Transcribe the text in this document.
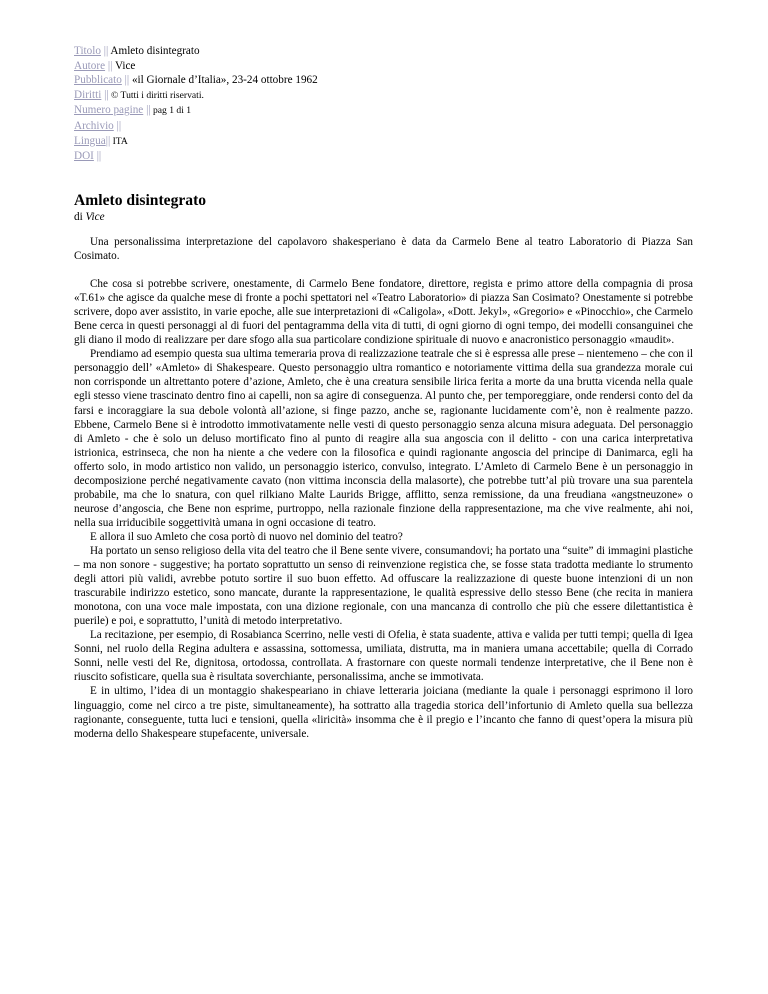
Titolo || Amleto disintegrato
Autore || Vice
Pubblicato || «il Giornale d’Italia», 23-24 ottobre 1962
Diritti || © Tutti i diritti riservati.
Numero pagine || pag 1 di 1
Archivio ||
Lingua|| ITA
DOI ||
Amleto disintegrato
di Vice

Una personalissima interpretazione del capolavoro shakesperiano è data da Carmelo Bene al teatro Laboratorio di Piazza San Cosimato.

Che cosa si potrebbe scrivere, onestamente, di Carmelo Bene fondatore, direttore, regista e primo attore della compagnia di prosa «T.61» che agisce da qualche mese di fronte a pochi spettatori nel «Teatro Laboratorio» di piazza San Cosimato? Onestamente si potrebbe scrivere, dopo aver assistito, in varie epoche, alle sue interpretazioni di «Caligola», «Dott. Jekyl», «Gregorio» e «Pinocchio», che Carmelo Bene cerca in questi personaggi al di fuori del pentagramma della vita di tutti, di ogni giorno di ogni tempo, dei modelli consanguinei che gli diano il modo di realizzare per dare sfogo alla sua particolare condizione spirituale di nuovo e anacronistico personaggio «maudit».

Prendiamo ad esempio questa sua ultima temeraria prova di realizzazione teatrale che si è espressa alle prese – nientemeno – che con il personaggio dell’ «Amleto» di Shakespeare. Questo personaggio ultra romantico e notoriamente vittima della sua grandezza morale cui non corrisponde un altrettanto potere d’azione, Amleto, che è una creatura sensibile lirica ferita a morte da una brutta vicenda nella quale egli stesso viene trascinato dentro fino ai capelli, non sa agire di conseguenza. Al punto che, per temporeggiare, onde rendersi conto del da farsi e incoraggiare la sua debole volontà all’azione, si finge pazzo, anche se, ragionante lucidamente com’è, non è realmente pazzo. Ebbene, Carmelo Bene si è introdotto immotivatamente nelle vesti di questo personaggio senza alcuna misura adeguata. Del personaggio di Amleto - che è solo un deluso mortificato fino al punto di reagire alla sua angoscia con il delitto - con una carica interpretativa istrionica, estrinseca, che non ha niente a che vedere con la filosofica e quindi ragionante angoscia del principe di Danimarca, egli ha offerto solo, in modo artistico non valido, un personaggio isterico, convulso, integrato. L’Amleto di Carmelo Bene è un personaggio in decomposizione perché negativamente cavato (non vittima inconscia della malasorte), che potrebbe tutt’al più trovare una sua parentela probabile, ma che lo snatura, con quel rilkiano Malte Laurids Brigge, afflitto, senza remissione, da una freudiana «angstneuzone» o neurose d’angoscia, che Bene non esprime, purtroppo, nella razionale finzione della rappresentazione, ma che vive realmente, ahi noi, nella sua irriducibile soggettività umana in ogni occasione di teatro.

E allora il suo Amleto che cosa portò di nuovo nel dominio del teatro?

Ha portato un senso religioso della vita del teatro che il Bene sente vivere, consumandovi; ha portato una “suite” di immagini plastiche – ma non sonore - suggestive; ha portato soprattutto un senso di reinvenzione registica che, se fosse stata tradotta mediante lo strumento degli attori più validi, avrebbe potuto sortire il suo buon effetto. Ad offuscare la realizzazione di queste buone intenzioni di un non trascurabile indirizzo estetico, sono mancate, durante la rappresentazione, le qualità espressive dello stesso Bene (che recita in maniera monotona, con una voce male impostata, con una dizione regionale, con una mancanza di controllo che più che essere dilettantistica è puerile) e poi, e soprattutto, l’unità di metodo interpretativo.

La recitazione, per esempio, di Rosabianca Scerrino, nelle vesti di Ofelia, è stata suadente, attiva e valida per tutti tempi; quella di Igea Sonni, nel ruolo della Regina adultera e assassina, sottomessa, umiliata, distrutta, ma in maniera umana accettabile; quella di Corrado Sonni, nelle vesti del Re, dignitosa, ortodossa, controllata. A frastornare con queste normali tendenze interpretative, che il Bene non è riuscito sofisticare, quella sua è risultata soverchiante, personalissima, anche se immotivata.

E in ultimo, l’idea di un montaggio shakespeariano in chiave letteraria joiciana (mediante la quale i personaggi esprimono il loro linguaggio, come nel circo a tre piste, simultaneamente), ha sottratto alla tragedia storica dell’infortunio di Amleto quella sua bellezza ragionante, conseguente, tutta luci e tensioni, quella «liricità» insomma che è il pregio e l’incanto che fanno di quest’opera la misura più moderna dello Shakespeare stupefacente, universale.
